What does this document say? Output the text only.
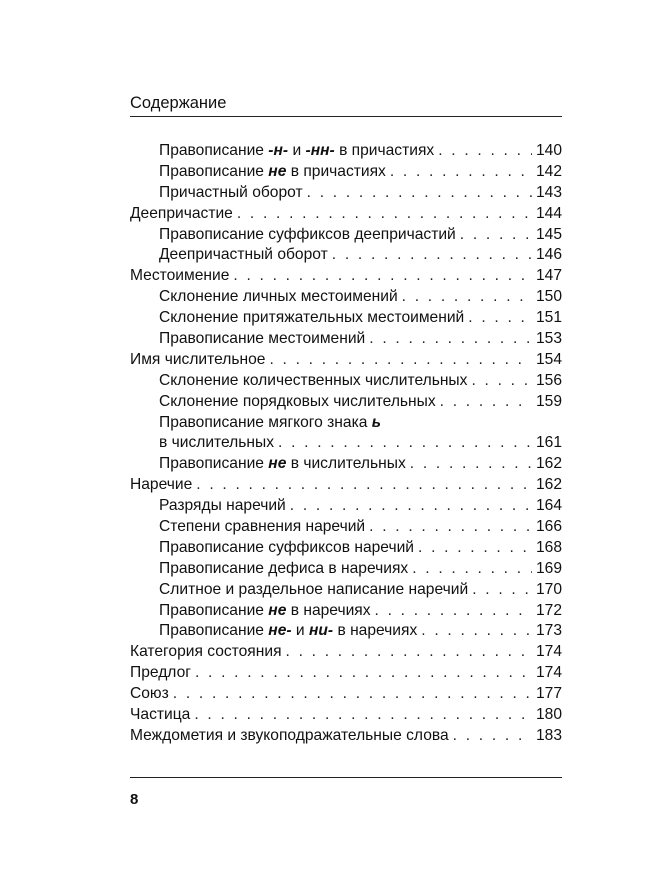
Содержание
Правописание -н- и -нн- в причастиях . . .	140
Правописание не в причастиях . . .	142
Причастный оборот . . .	143
Деепричастие . . .	144
Правописание суффиксов деепричастий . . .	145
Деепричастный оборот . . .	146
Местоимение . . .	147
Склонение личных местоимений . . .	150
Склонение притяжательных местоимений . . .	151
Правописание местоимений . . .	153
Имя числительное . . .	154
Склонение количественных числительных . . .	156
Склонение порядковых числительных . . .	159
Правописание мягкого знака ь
в числительных . . .	161
Правописание не в числительных . . .	162
Наречие . . .	162
Разряды наречий . . .	164
Степени сравнения наречий . . .	166
Правописание суффиксов наречий . . .	168
Правописание дефиса в наречиях . . .	169
Слитное и раздельное написание наречий . . .	170
Правописание не в наречиях . . .	172
Правописание не- и ни- в наречиях . . .	173
Категория состояния . . .	174
Предлог . . .	174
Союз . . .	177
Частица . . .	180
Междометия и звукоподражательные слова . . .	183
8
